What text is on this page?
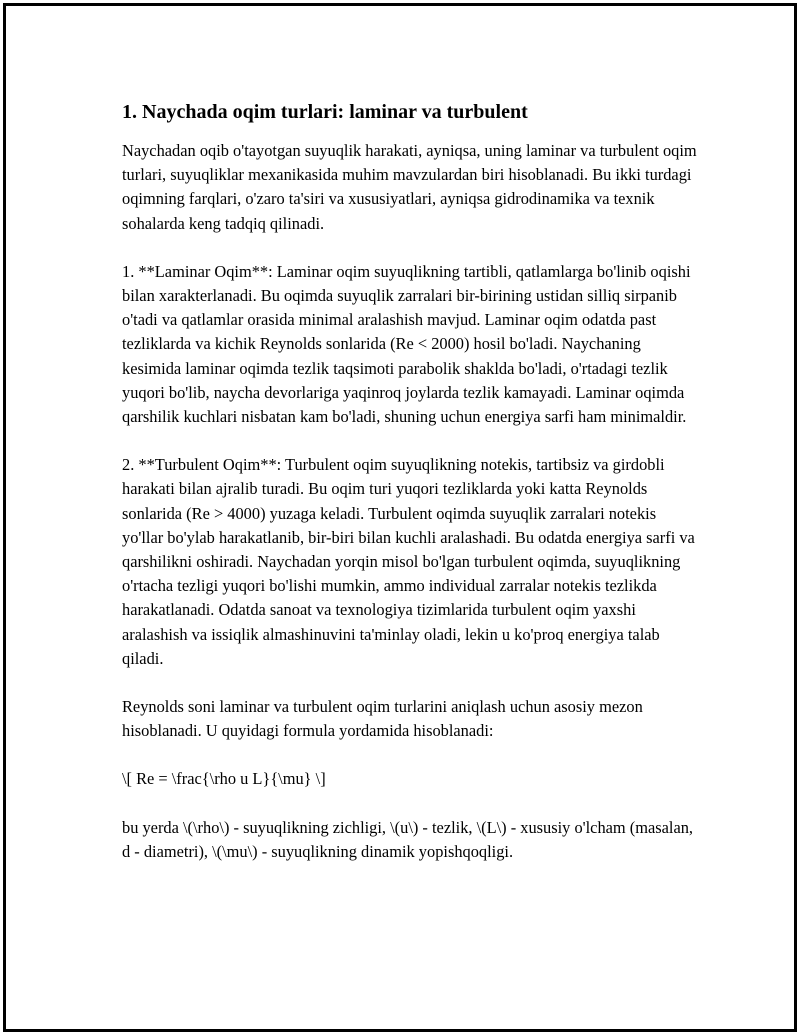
1. Naychada oqim turlari: laminar va turbulent

Naychadan oqib o'tayotgan suyuqlik harakati, ayniqsa, uning laminar va turbulent oqim turlari, suyuqliklar mexanikasida muhim mavzulardan biri hisoblanadi. Bu ikki turdagi oqimning farqlari, o'zaro ta'siri va xususiyatlari, ayniqsa gidrodinamika va texnik sohalarda keng tadqiq qilinadi.

1. **Laminar Oqim**: Laminar oqim suyuqlikning tartibli, qatlamlarga bo'linib oqishi bilan xarakterlanadi. Bu oqimda suyuqlik zarralari bir-birining ustidan silliq sirpanib o'tadi va qatlamlar orasida minimal aralashish mavjud. Laminar oqim odatda past tezliklarda va kichik Reynolds sonlarida (Re < 2000) hosil bo'ladi. Naychaning kesimida laminar oqimda tezlik taqsimoti parabolik shaklda bo'ladi, o'rtadagi tezlik yuqori bo'lib, naycha devorlariga yaqinroq joylarda tezlik kamayadi. Laminar oqimda qarshilik kuchlari nisbatan kam bo'ladi, shuning uchun energiya sarfi ham minimaldir.

2. **Turbulent Oqim**: Turbulent oqim suyuqlikning notekis, tartibsiz va girdobli harakati bilan ajralib turadi. Bu oqim turi yuqori tezliklarda yoki katta Reynolds sonlarida (Re > 4000) yuzaga keladi. Turbulent oqimda suyuqlik zarralari notekis yo'llar bo'ylab harakatlanib, bir-biri bilan kuchli aralashadi. Bu odatda energiya sarfi va qarshilikni oshiradi. Naychadan yorqin misol bo'lgan turbulent oqimda, suyuqlikning o'rtacha tezligi yuqori bo'lishi mumkin, ammo individual zarralar notekis tezlikda harakatlanadi. Odatda sanoat va texnologiya tizimlarida turbulent oqim yaxshi aralashish va issiqlik almashinuvini ta'minlay oladi, lekin u ko'proq energiya talab qiladi.

Reynolds soni laminar va turbulent oqim turlarini aniqlash uchun asosiy mezon hisoblanadi. U quyidagi formula yordamida hisoblanadi:

\[ Re = \frac{\rho u L}{\mu} \]

bu yerda \(\rho\) - suyuqlikning zichligi, \(u\) - tezlik, \(L\) - xususiy o'lcham (masalan, d - diametri), \(\mu\) - suyuqlikning dinamik yopishqoqligi.
